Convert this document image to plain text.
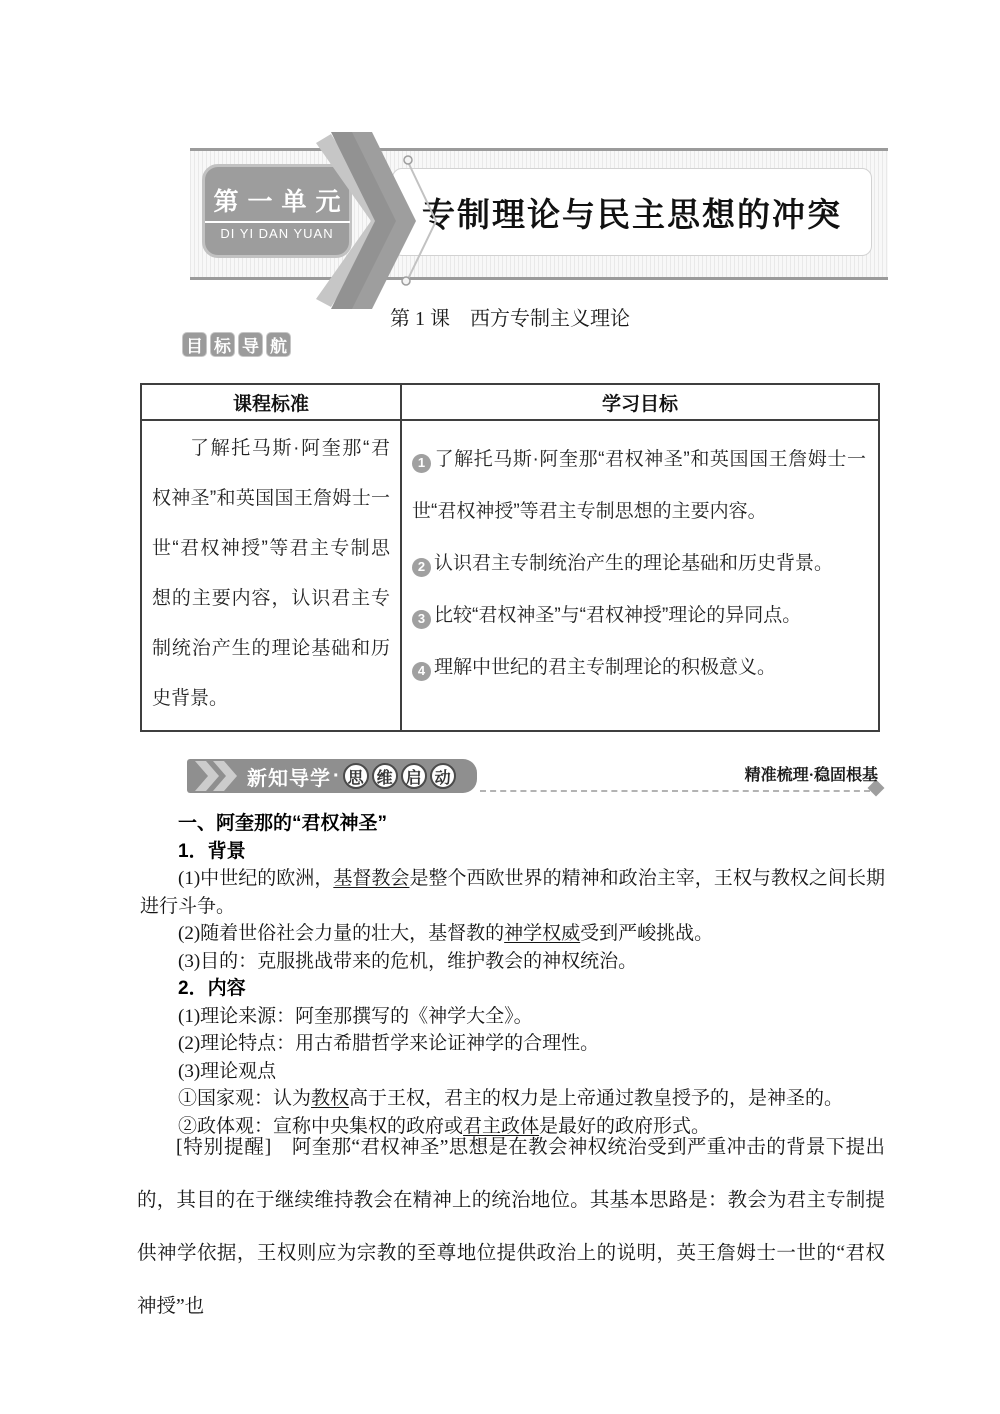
专制理论与民主思想的冲突
第一单元
DI YI DAN YUAN
第 1 课　西方专制主义理论
目 标 导 航
课程标准	学习目标

了解托马斯·阿奎那“君权神圣”和英国国王詹姆士一世“君权神授”等君主专制思想的主要内容，认识君主专制统治产生的理论基础和历史背景。	1 了解托马斯·阿奎那“君权神圣”和英国国王詹姆士一世“君权神授”等君主专制思想的主要内容。
2 认识君主专制统治产生的理论基础和历史背景。
3 比较“君权神圣”与“君权神授”理论的异同点。
4 理解中世纪的君主专制理论的积极意义。
新知导学 · 思 维 启 动	精准梳理·稳固根基

一、阿奎那的“君权神圣”

1．背景

(1)中世纪的欧洲，基督教会是整个西欧世界的精神和政治主宰，王权与教权之间长期进行斗争。

(2)随着世俗社会力量的壮大，基督教的神学权威受到严峻挑战。

(3)目的：克服挑战带来的危机，维护教会的神权统治。

2．内容

(1)理论来源：阿奎那撰写的《神学大全》。

(2)理论特点：用古希腊哲学来论证神学的合理性。

(3)理论观点

①国家观：认为教权高于王权，君主的权力是上帝通过教皇授予的，是神圣的。

②政体观：宣称中央集权的政府或君主政体是最好的政府形式。

[特别提醒]　 阿奎那“君权神圣”思想是在教会神权统治受到严重冲击的背景下提出的，其目的在于继续维持教会在精神上的统治地位。其基本思路是：教会为君主专制提供神学依据，王权则应为宗教的至尊地位提供政治上的说明，英王詹姆士一世的“君权神授”也
